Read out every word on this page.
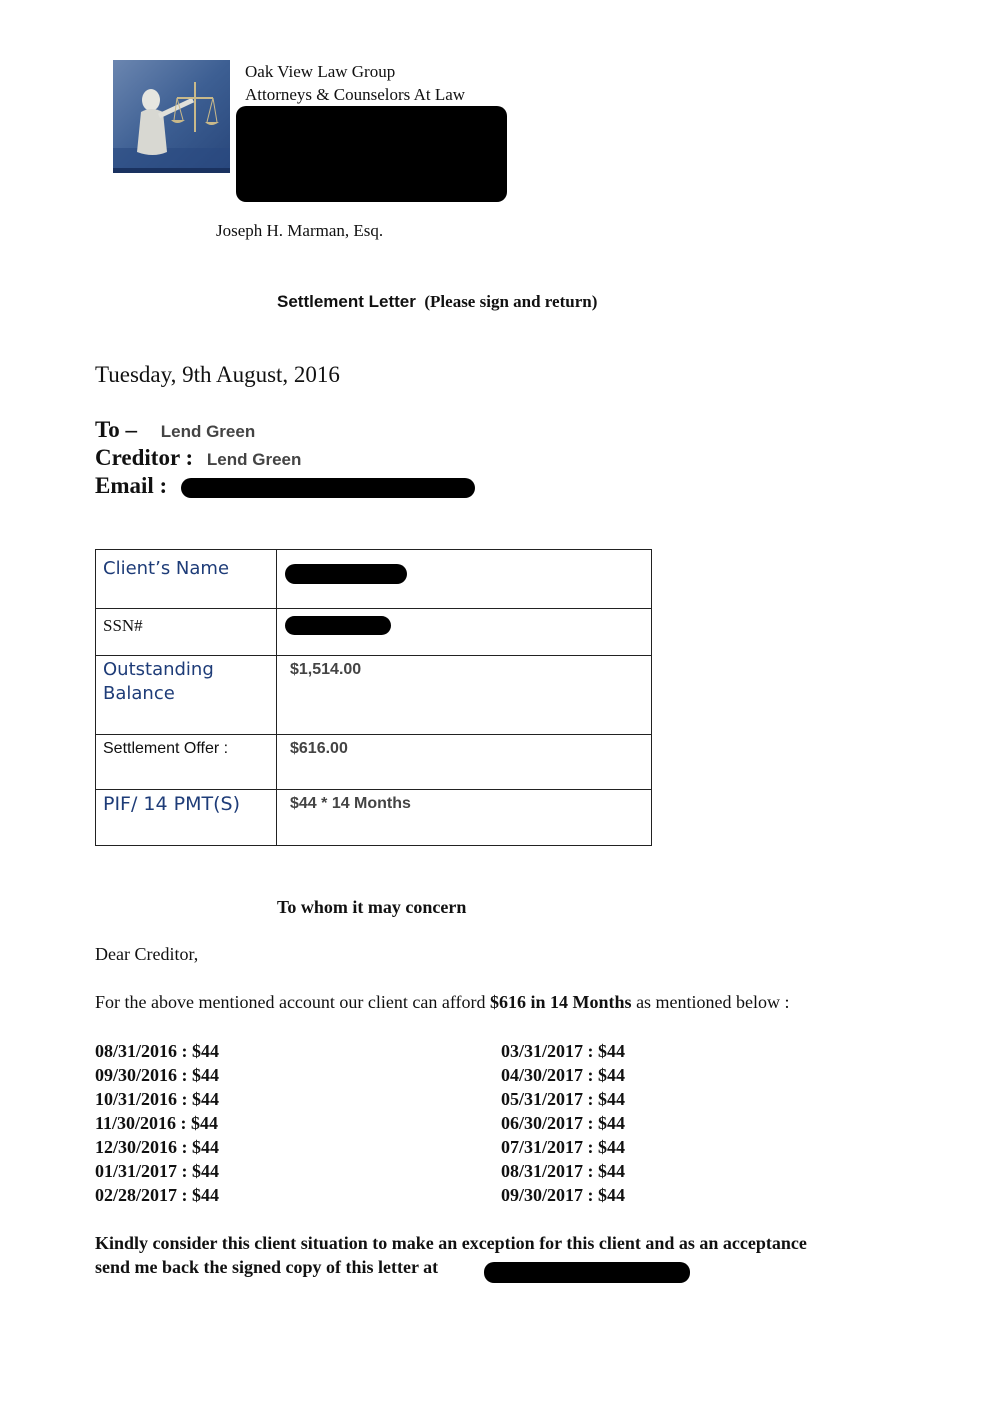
Oak View Law Group
Attorneys & Counselors At Law
Joseph H. Marman, Esq.
Settlement Letter (Please sign and return)
Tuesday, 9th August, 2016
To – Lend Green
Creditor : Lend Green
Email :
Client’s Name	

SSN#	

Outstanding Balance	$1,514.00
Settlement Offer :	$616.00
PIF/ 14 PMT(S)	$44 * 14 Months
To whom it may concern
Dear Creditor,
For the above mentioned account our client can afford $616 in 14 Months as mentioned below :
08/31/2016 : $44
09/30/2016 : $44
10/31/2016 : $44
11/30/2016 : $44
12/30/2016 : $44
01/31/2017 : $44
02/28/2017 : $44
03/31/2017 : $44
04/30/2017 : $44
05/31/2017 : $44
06/30/2017 : $44
07/31/2017 : $44
08/31/2017 : $44
09/30/2017 : $44
Kindly consider this client situation to make an exception for this client and as an acceptance
send me back the signed copy of this letter at
